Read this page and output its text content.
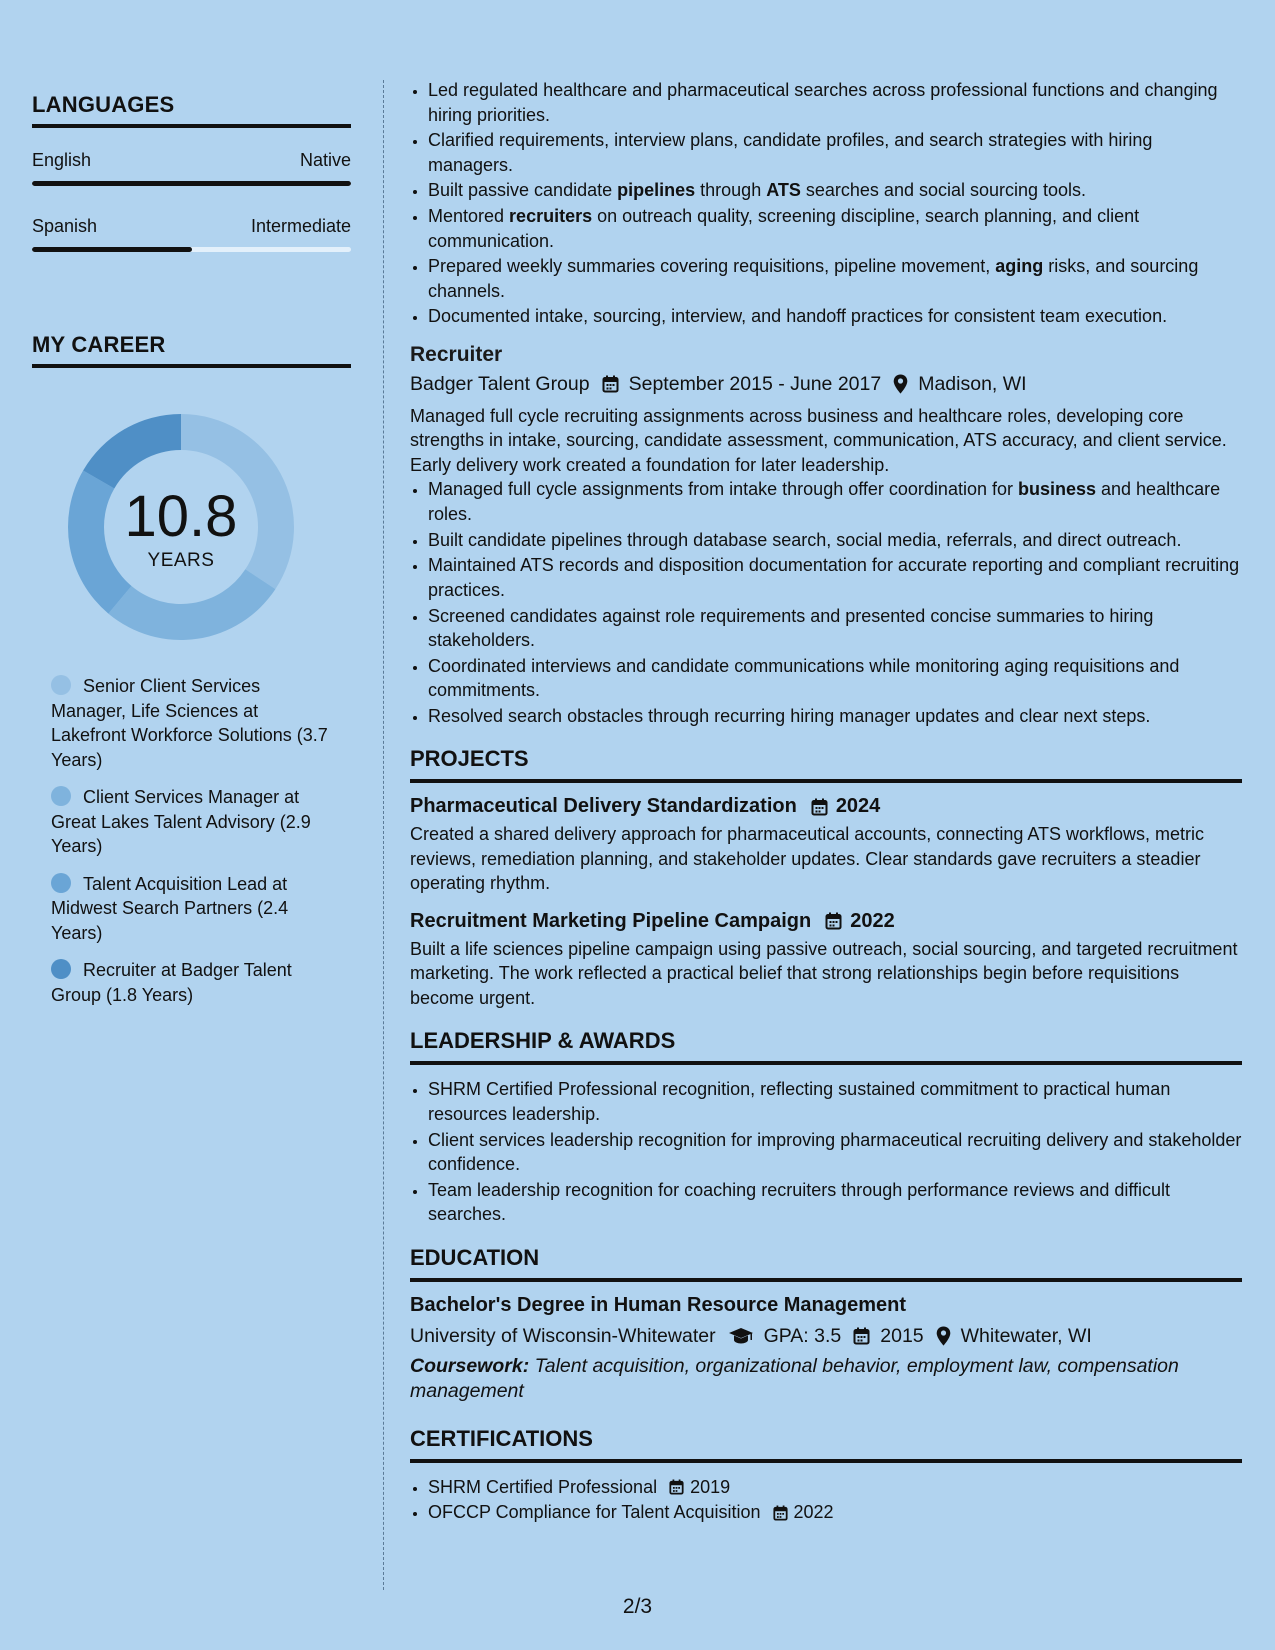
LANGUAGES
English	Native
Spanish	Intermediate
MY CAREER
10.8
YEARS
Senior Client Services Manager, Life Sciences at Lakefront Workforce Solutions (3.7 Years)
Client Services Manager at Great Lakes Talent Advisory (2.9 Years)
Talent Acquisition Lead at Midwest Search Partners (2.4 Years)
Recruiter at Badger Talent Group (1.8 Years)
• Led regulated healthcare and pharmaceutical searches across professional functions and changing hiring priorities.
• Clarified requirements, interview plans, candidate profiles, and search strategies with hiring managers.
• Built passive candidate pipelines through ATS searches and social sourcing tools.
• Mentored recruiters on outreach quality, screening discipline, search planning, and client communication.
• Prepared weekly summaries covering requisitions, pipeline movement, aging risks, and sourcing channels.
• Documented intake, sourcing, interview, and handoff practices for consistent team execution.
Recruiter
Badger Talent Group September 2015 - June 2017 Madison, WI
Managed full cycle recruiting assignments across business and healthcare roles, developing core strengths in intake, sourcing, candidate assessment, communication, ATS accuracy, and client service. Early delivery work created a foundation for later leadership.
• Managed full cycle assignments from intake through offer coordination for business and healthcare roles.
• Built candidate pipelines through database search, social media, referrals, and direct outreach.
• Maintained ATS records and disposition documentation for accurate reporting and compliant recruiting practices.
• Screened candidates against role requirements and presented concise summaries to hiring stakeholders.
• Coordinated interviews and candidate communications while monitoring aging requisitions and commitments.
• Resolved search obstacles through recurring hiring manager updates and clear next steps.
PROJECTS
Pharmaceutical Delivery Standardization 2024
Created a shared delivery approach for pharmaceutical accounts, connecting ATS workflows, metric reviews, remediation planning, and stakeholder updates. Clear standards gave recruiters a steadier operating rhythm.
Recruitment Marketing Pipeline Campaign 2022
Built a life sciences pipeline campaign using passive outreach, social sourcing, and targeted recruitment marketing. The work reflected a practical belief that strong relationships begin before requisitions become urgent.
LEADERSHIP & AWARDS
• SHRM Certified Professional recognition, reflecting sustained commitment to practical human resources leadership.
• Client services leadership recognition for improving pharmaceutical recruiting delivery and stakeholder confidence.
• Team leadership recognition for coaching recruiters through performance reviews and difficult searches.
EDUCATION
Bachelor's Degree in Human Resource Management
University of Wisconsin-Whitewater GPA: 3.5 2015 Whitewater, WI
Coursework: Talent acquisition, organizational behavior, employment law, compensation management
CERTIFICATIONS
• SHRM Certified Professional 2019
• OFCCP Compliance for Talent Acquisition 2022
2/3
